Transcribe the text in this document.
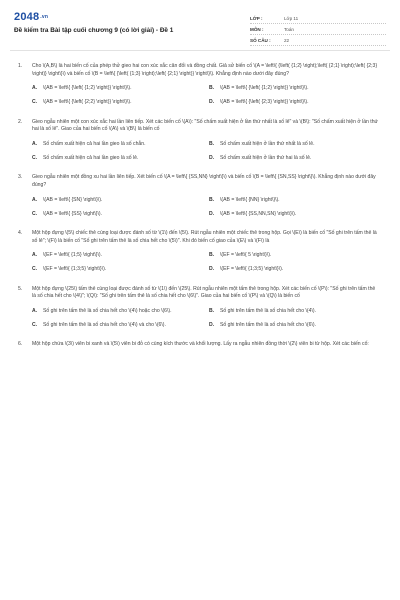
2048.vn
Đề kiểm tra Bài tập cuối chương 9 (có lời giải) - Đề 1
LỚP :	Lớp 11
MÔN :	Toán
SỐ CÂU :	22
1.	Cho \(A,B\) là hai biến cố của phép thử gieo hai con xúc xắc cân đối và đồng chất. Giả sử biến cố \(A = \left\{ {\left( {1;2} \right);\left( {2;1} \right);\left( {2;3} \right)} \right\}\) và biến cố \(B = \left\{ {\left( {1;3} \right);\left( {2;1} \right)} \right\}\). Khẳng định nào dưới đây đúng?
A.	\(AB = \left\{ {\left( {1;2} \right)} \right\}\).	B.	\(AB = \left\{ {\left( {1;2} \right)} \right\}\).
C.	\(AB = \left\{ {\left( {2;2} \right)} \right\}\).	D.	\(AB = \left\{ {\left( {2;3} \right)} \right\}\).
2.	Gieo ngẫu nhiên một con xúc xắc hai lần liên tiếp. Xét các biến cố \(A\): "Số chấm xuất hiện ở lần thứ nhất là số lẻ" và \(B\): "Số chấm xuất hiện ở lần thứ hai là số lẻ". Giao của hai biến cố \(A\) và \(B\) là biến cố
A.	Số chấm xuất hiện cả hai lần gieo là số chẵn.	B.	Số chấm xuất hiện ở lần thứ nhất là số lẻ.
C.	Số chấm xuất hiện cả hai lần gieo là số lẻ.	D.	Số chấm xuất hiện ở lần thứ hai là số lẻ.
3.	Gieo ngẫu nhiên một đồng xu hai lần liên tiếp. Xét biến cố \(A = \left\{ {SS,NN} \right\}\) và biến cố \(B = \left\{ {SN,SS} \right\}\). Khẳng định nào dưới đây đúng?
A.	\(AB = \left\{ {SN} \right\}\).	B.	\(AB = \left\{ {NN} \right\}\).
C.	\(AB = \left\{ {SS} \right\}\).	D.	\(AB = \left\{ {SS,NN,SN} \right\}\).
4.	Một hộp đựng \(5\) chiếc thẻ cùng loại được đánh số từ \(1\) đến \(5\). Rút ngẫu nhiên một chiếc thẻ trong hộp. Gọi \(E\) là biến cố "Số ghi trên tấm thẻ là số lẻ"; \(F\) là biến cố "Số ghi trên tấm thẻ là số chia hết cho \(5\)". Khi đó biến cố giao của \(E\) và \(F\) là
A.	\(EF = \left\{ {1;5} \right\}\).	B.	\(EF = \left\{ 5 \right\}\).
C.	\(EF = \left\{ {1;3;5} \right\}\).	D.	\(EF = \left\{ {1;3;5} \right\}\).
5.	Một hộp đựng \(25\) tấm thẻ cùng loại được đánh số từ \(1\) đến \(25\). Rút ngẫu nhiên một tấm thẻ trong hộp. Xét các biến cố \(P\): "Số ghi trên tấm thẻ là số chia hết cho \(4\)"; \(Q\): "Số ghi trên tấm thẻ là số chia hết cho \(6\)". Giao của hai biến cố \(P\) và \(Q\) là biến cố
A.	Số ghi trên tấm thẻ là số chia hết cho \(4\) hoặc cho \(6\).	B.	Số ghi trên tấm thẻ là số chia hết cho \(4\).
C.	Số ghi trên tấm thẻ là số chia hết cho \(4\) và cho \(6\).	D.	Số ghi trên tấm thẻ là số chia hết cho \(6\).
6.	Một hộp chứa \(3\) viên bi xanh và \(5\) viên bi đỏ có cùng kích thước và khối lượng. Lấy ra ngẫu nhiên đồng thời \(2\) viên bi từ hộp. Xét các biến cố:
